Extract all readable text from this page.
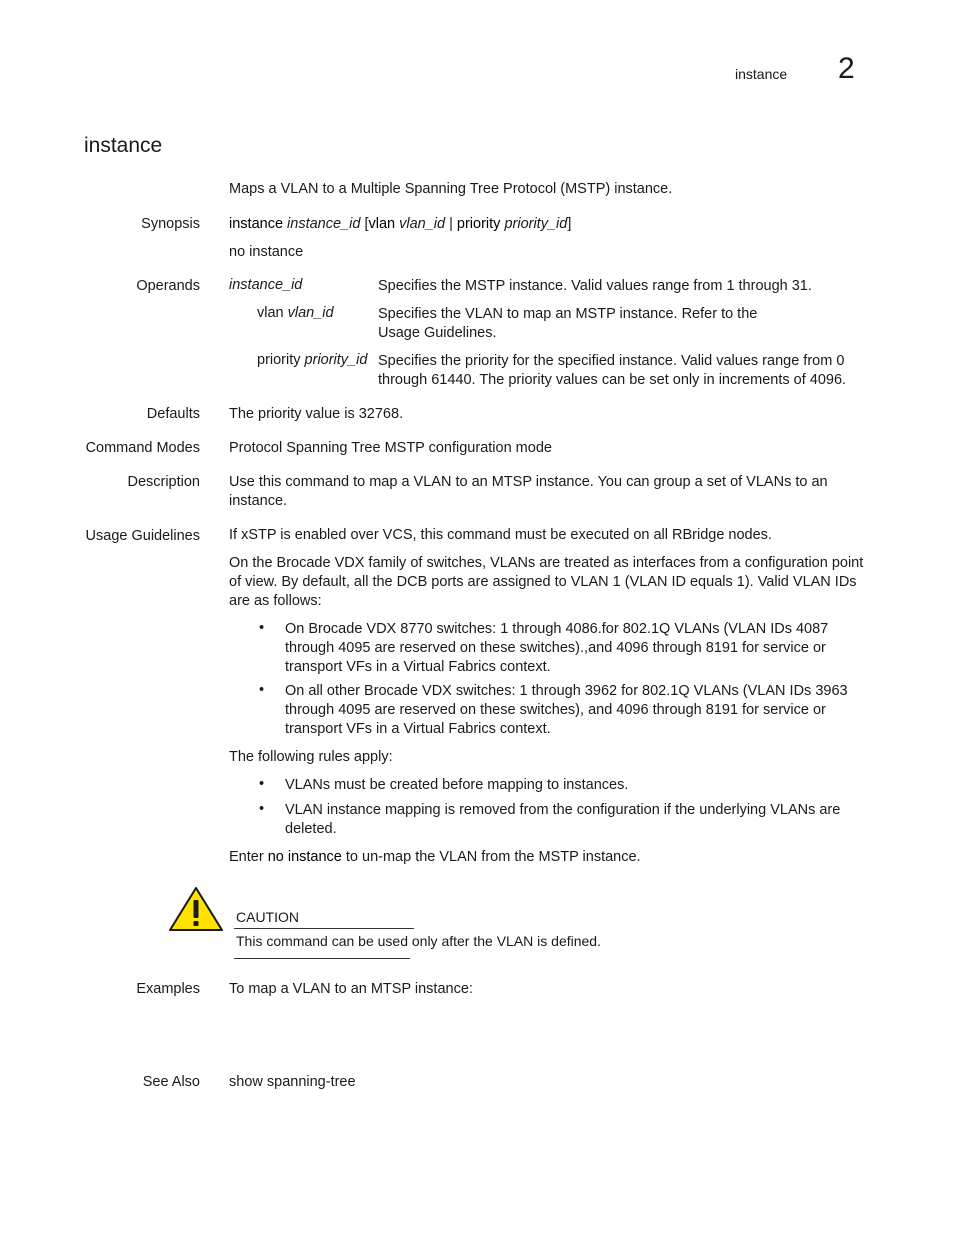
instance 2
instance
Maps a VLAN to a Multiple Spanning Tree Protocol (MSTP) instance.
Synopsis instance instance_id [vlan vlan_id | priority priority_id]
no instance
Operands instance_id	Specifies the MSTP instance. Valid values range from 1 through 31.
vlan vlan_id	Specifies the VLAN to map an MSTP instance. Refer to the
Usage Guidelines.
priority priority_id Specifies the priority for the specified instance. Valid values range from 0
through 61440. The priority values can be set only in increments of 4096.
Defaults The priority value is 32768.
Command Modes Protocol Spanning Tree MSTP configuration mode
Description Use this command to map a VLAN to an MTSP instance. You can group a set of VLANs to an
instance.
Usage Guidelines If xSTP is enabled over VCS, this command must be executed on all RBridge nodes.
On the Brocade VDX family of switches, VLANs are treated as interfaces from a configuration point
of view. By default, all the DCB ports are assigned to VLAN 1 (VLAN ID equals 1). Valid VLAN IDs
are as follows:
• On Brocade VDX 8770 switches: 1 through 4086.for 802.1Q VLANs (VLAN IDs 4087
through 4095 are reserved on these switches).,and 4096 through 8191 for service or
transport VFs in a Virtual Fabrics context.
• On all other Brocade VDX switches: 1 through 3962 for 802.1Q VLANs (VLAN IDs 3963
through 4095 are reserved on these switches), and 4096 through 8191 for service or
transport VFs in a Virtual Fabrics context.
The following rules apply:
• VLANs must be created before mapping to instances.
• VLAN instance mapping is removed from the configuration if the underlying VLANs are
deleted.
Enter no instance to un-map the VLAN from the MSTP instance.
CAUTION
This command can be used only after the VLAN is defined.
Examples To map a VLAN to an MTSP instance:
See Also show spanning-tree
